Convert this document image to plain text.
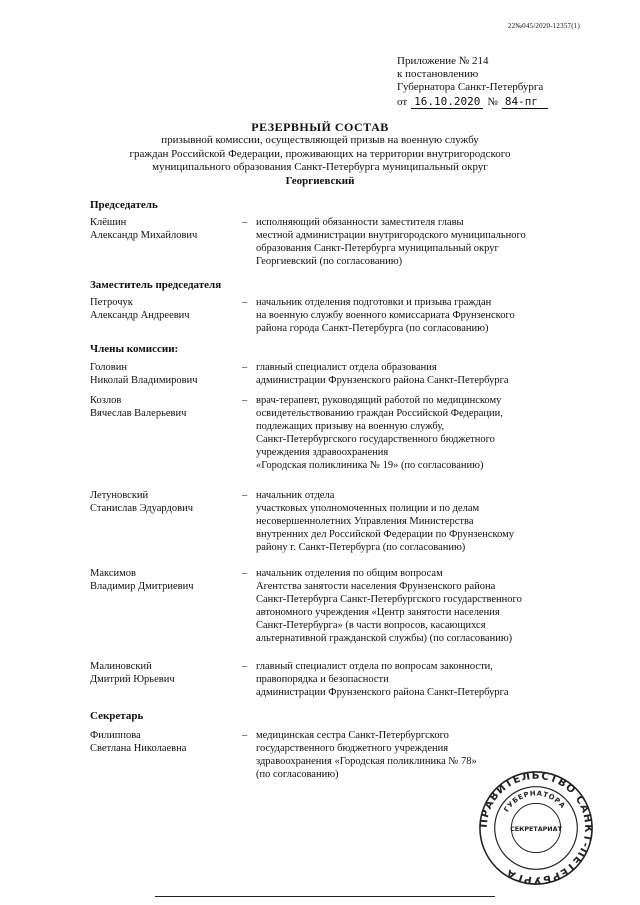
22№045/2020-12357(1)
Приложение № 214
к постановлению
Губернатора Санкт-Петербурга
от 16.10.2020 № 84-пг
РЕЗЕРВНЫЙ СОСТАВ
призывной комиссии, осуществляющей призыв на военную службу
граждан Российской Федерации, проживающих на территории внутригородского
муниципального образования Санкт-Петербурга муниципальный округ
Георгиевский
Председатель
Клёшин
Александр Михайлович
– исполняющий обязанности заместителя главы
местной администрации внутригородского муниципального
образования Санкт-Петербурга муниципальный округ
Георгиевский (по согласованию)
Заместитель председателя
Петрочук
Александр Андреевич
– начальник отделения подготовки и призыва граждан
на военную службу военного комиссариата Фрунзенского
района города Санкт-Петербурга (по согласованию)
Члены комиссии:
Головин
Николай Владимирович
– главный специалист отдела образования
администрации Фрунзенского района Санкт-Петербурга
Козлов
Вячеслав Валерьевич
– врач-терапевт, руководящий работой по медицинскому
освидетельствованию граждан Российской Федерации,
подлежащих призыву на военную службу,
Санкт-Петербургского государственного бюджетного
учреждения здравоохранения
«Городская поликлиника № 19» (по согласованию)
Летуновский
Станислав Эдуардович
– начальник отдела
участковых уполномоченных полиции и по делам
несовершеннолетних Управления Министерства
внутренних дел Российской Федерации по Фрунзенскому
району г. Санкт-Петербурга (по согласованию)
Максимов
Владимир Дмитриевич
– начальник отделения по общим вопросам
Агентства занятости населения Фрунзенского района
Санкт-Петербурга Санкт-Петербургского государственного
автономного учреждения «Центр занятости населения
Санкт-Петербурга» (в части вопросов, касающихся
альтернативной гражданской службы) (по согласованию)
Малиновский
Дмитрий Юрьевич
– главный специалист отдела по вопросам законности,
правопорядка и безопасности
администрации Фрунзенского района Санкт-Петербурга
Секретарь
Филиппова
Светлана Николаевна
– медицинская сестра Санкт-Петербургского
государственного бюджетного учреждения
здравоохранения «Городская поликлиника № 78»
(по согласованию)
ПРАВИТЕЛЬСТВО САНКТ-ПЕТЕРБУРГА
ГУБЕРНАТОРА
СЕКРЕТАРИАТ
